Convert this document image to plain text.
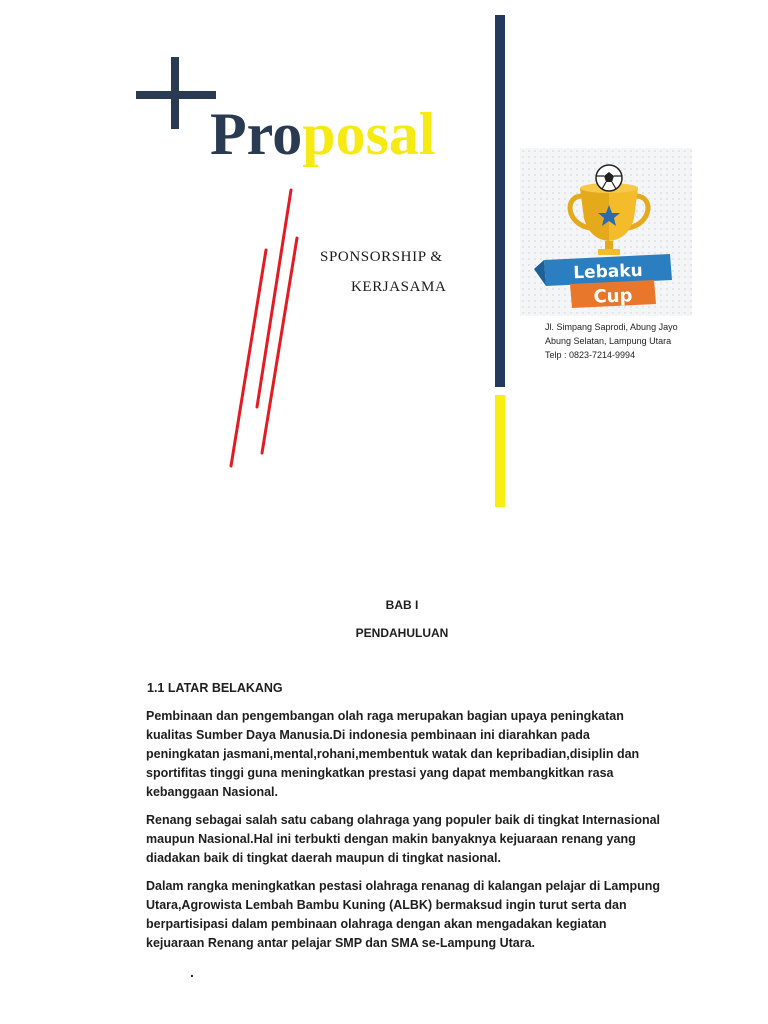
Proposal
SPONSORSHIP &
KERJASAMA
Lebaku
Cup
Jl. Simpang Saprodi, Abung Jayo
Abung Selatan, Lampung Utara
Telp : 0823-7214-9994
BAB I
PENDAHULUAN
1.1 LATAR BELAKANG

Pembinaan dan pengembangan olah raga merupakan bagian upaya peningkatan kualitas Sumber Daya Manusia.Di indonesia pembinaan ini diarahkan pada peningkatan jasmani,mental,rohani,membentuk watak dan kepribadian,disiplin dan sportifitas tinggi guna meningkatkan prestasi yang dapat membangkitkan rasa kebanggaan Nasional.

Renang sebagai salah satu cabang olahraga yang populer baik di tingkat Internasional maupun Nasional.Hal ini terbukti dengan makin banyaknya kejuaraan renang yang diadakan baik di tingkat daerah maupun di tingkat nasional.

Dalam rangka meningkatkan pestasi olahraga renanag di kalangan pelajar di Lampung Utara,Agrowista Lembah Bambu Kuning (ALBK) bermaksud ingin turut serta dan berpartisipasi dalam pembinaan olahraga dengan akan mengadakan kegiatan kejuaraan Renang antar pelajar SMP dan SMA se-Lampung Utara.

.
